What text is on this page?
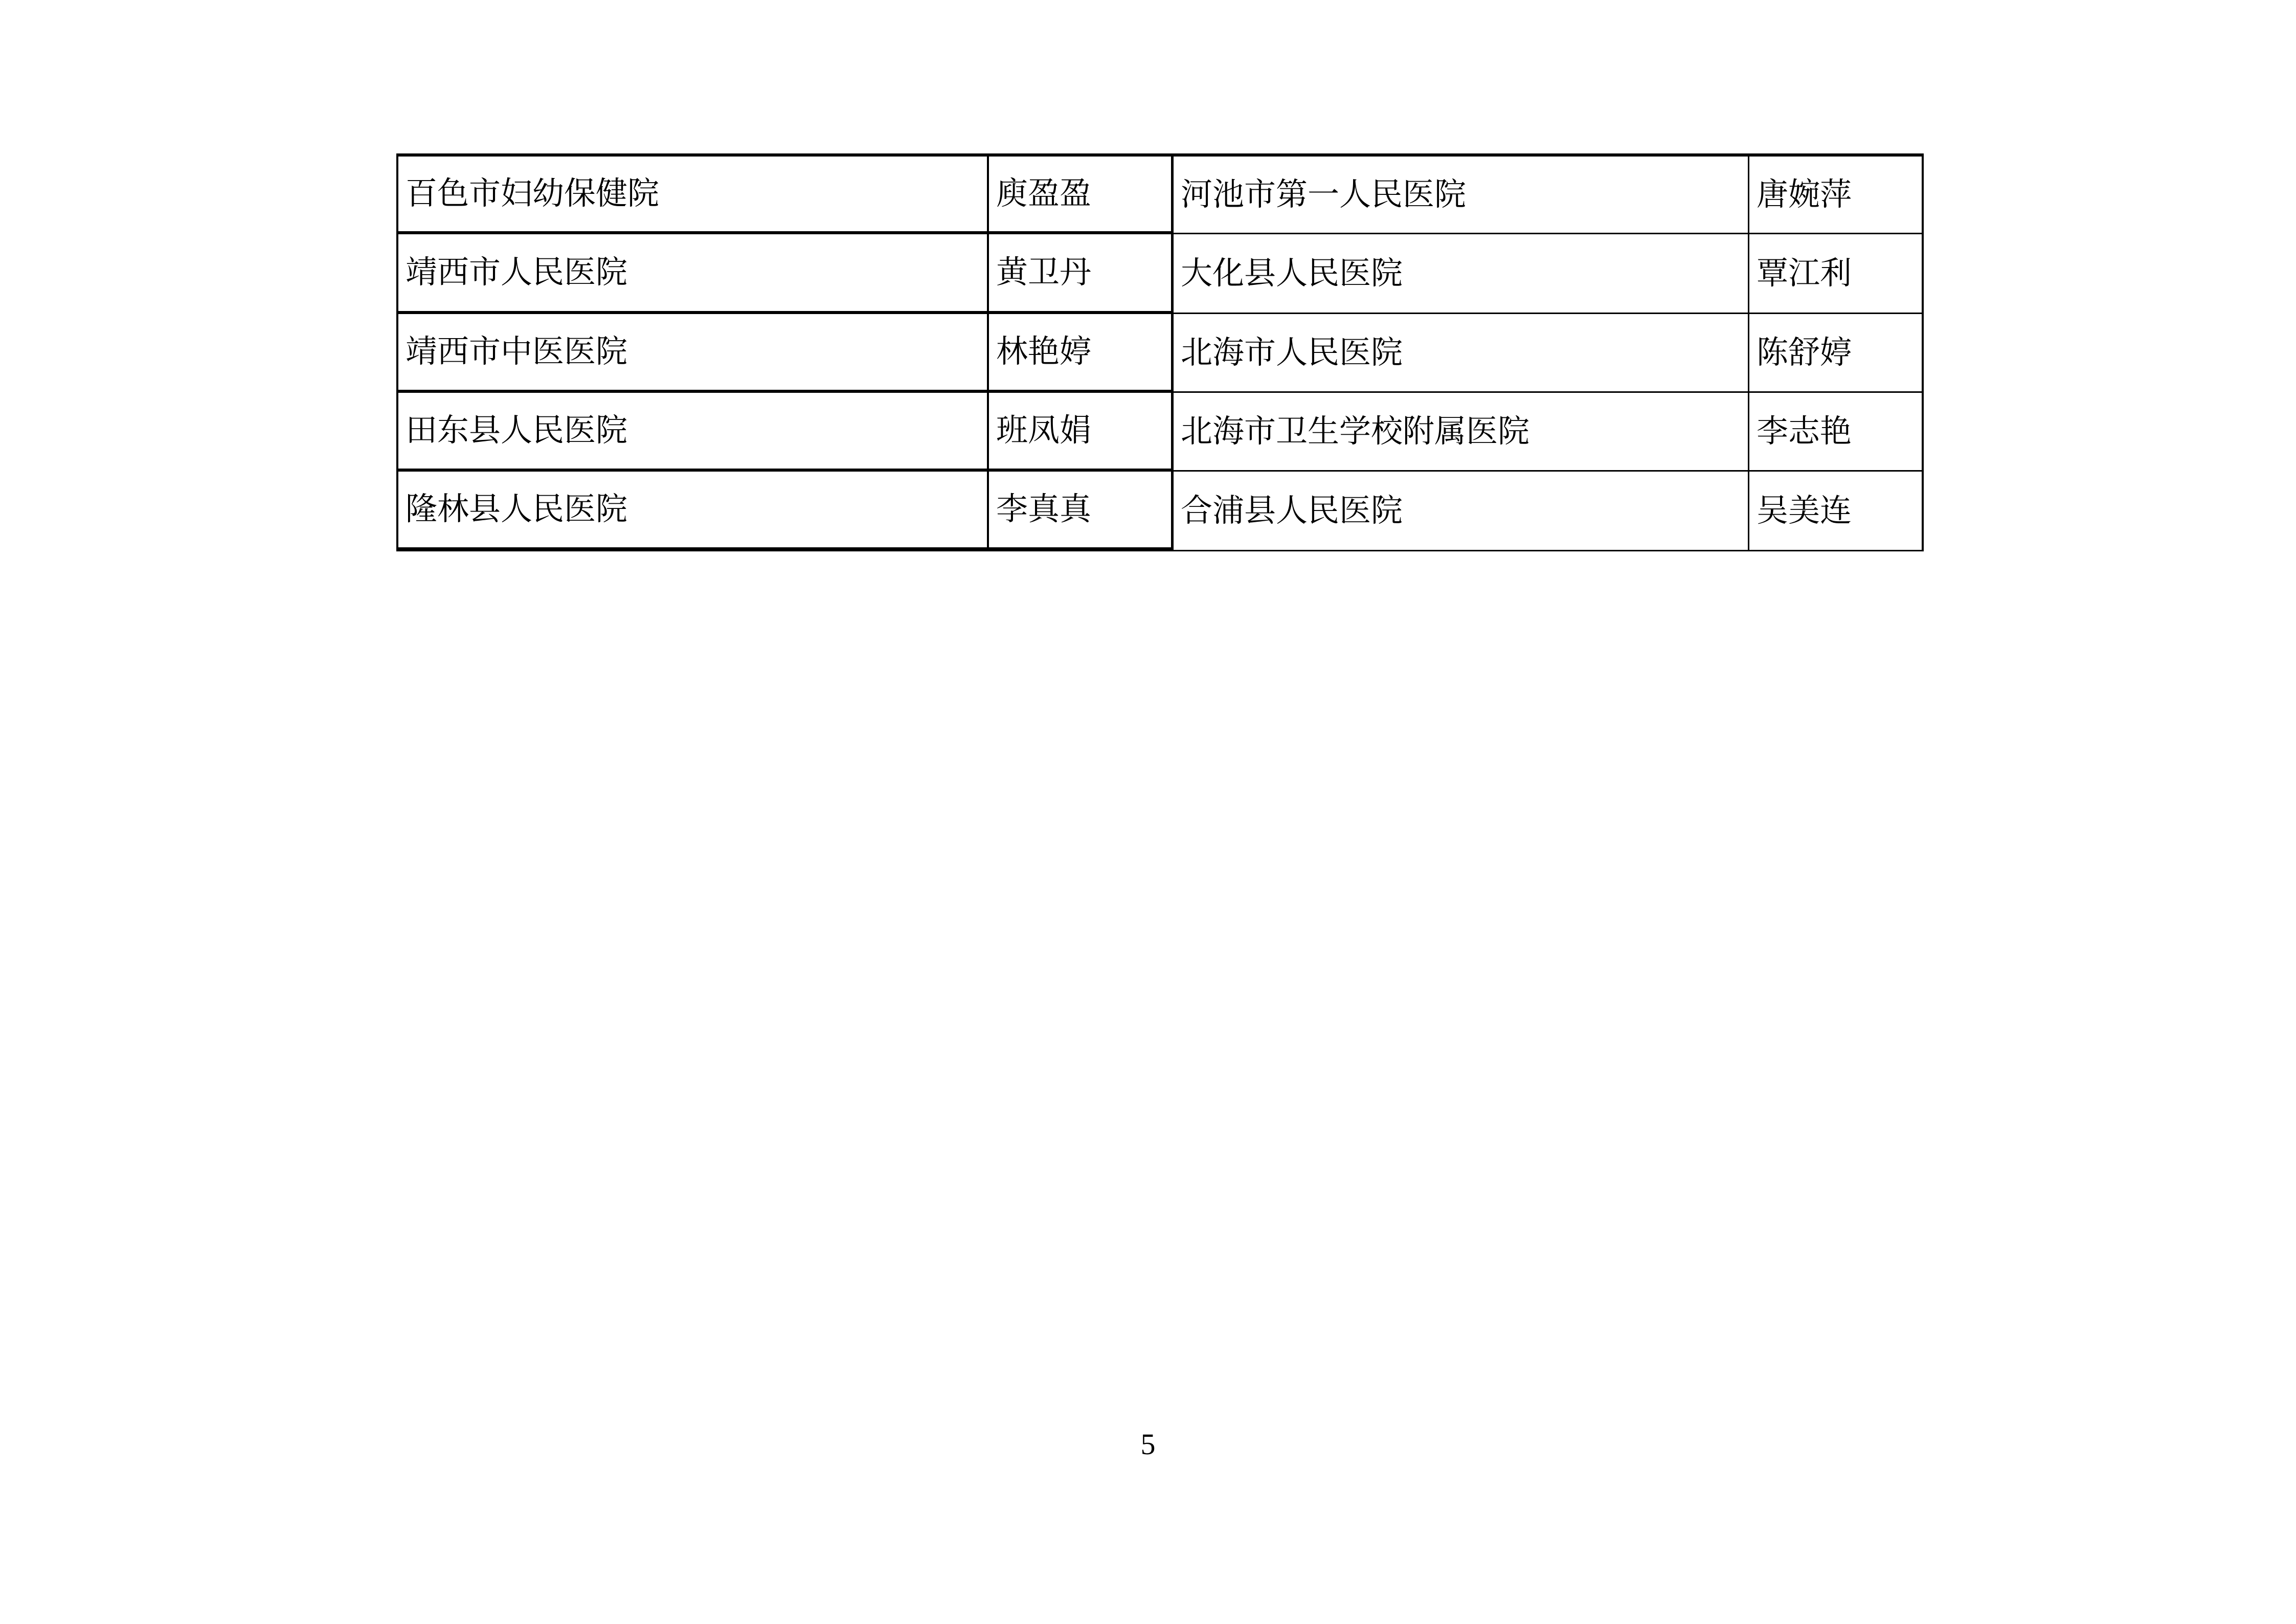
百色市妇幼保健院	庾盈盈	河池市第一人民医院	唐婉萍
靖西市人民医院	黄卫丹	大化县人民医院	覃江利
靖西市中医医院	林艳婷	北海市人民医院	陈舒婷
田东县人民医院	班凤娟	北海市卫生学校附属医院	李志艳
隆林县人民医院	李真真	合浦县人民医院	吴美连
5
